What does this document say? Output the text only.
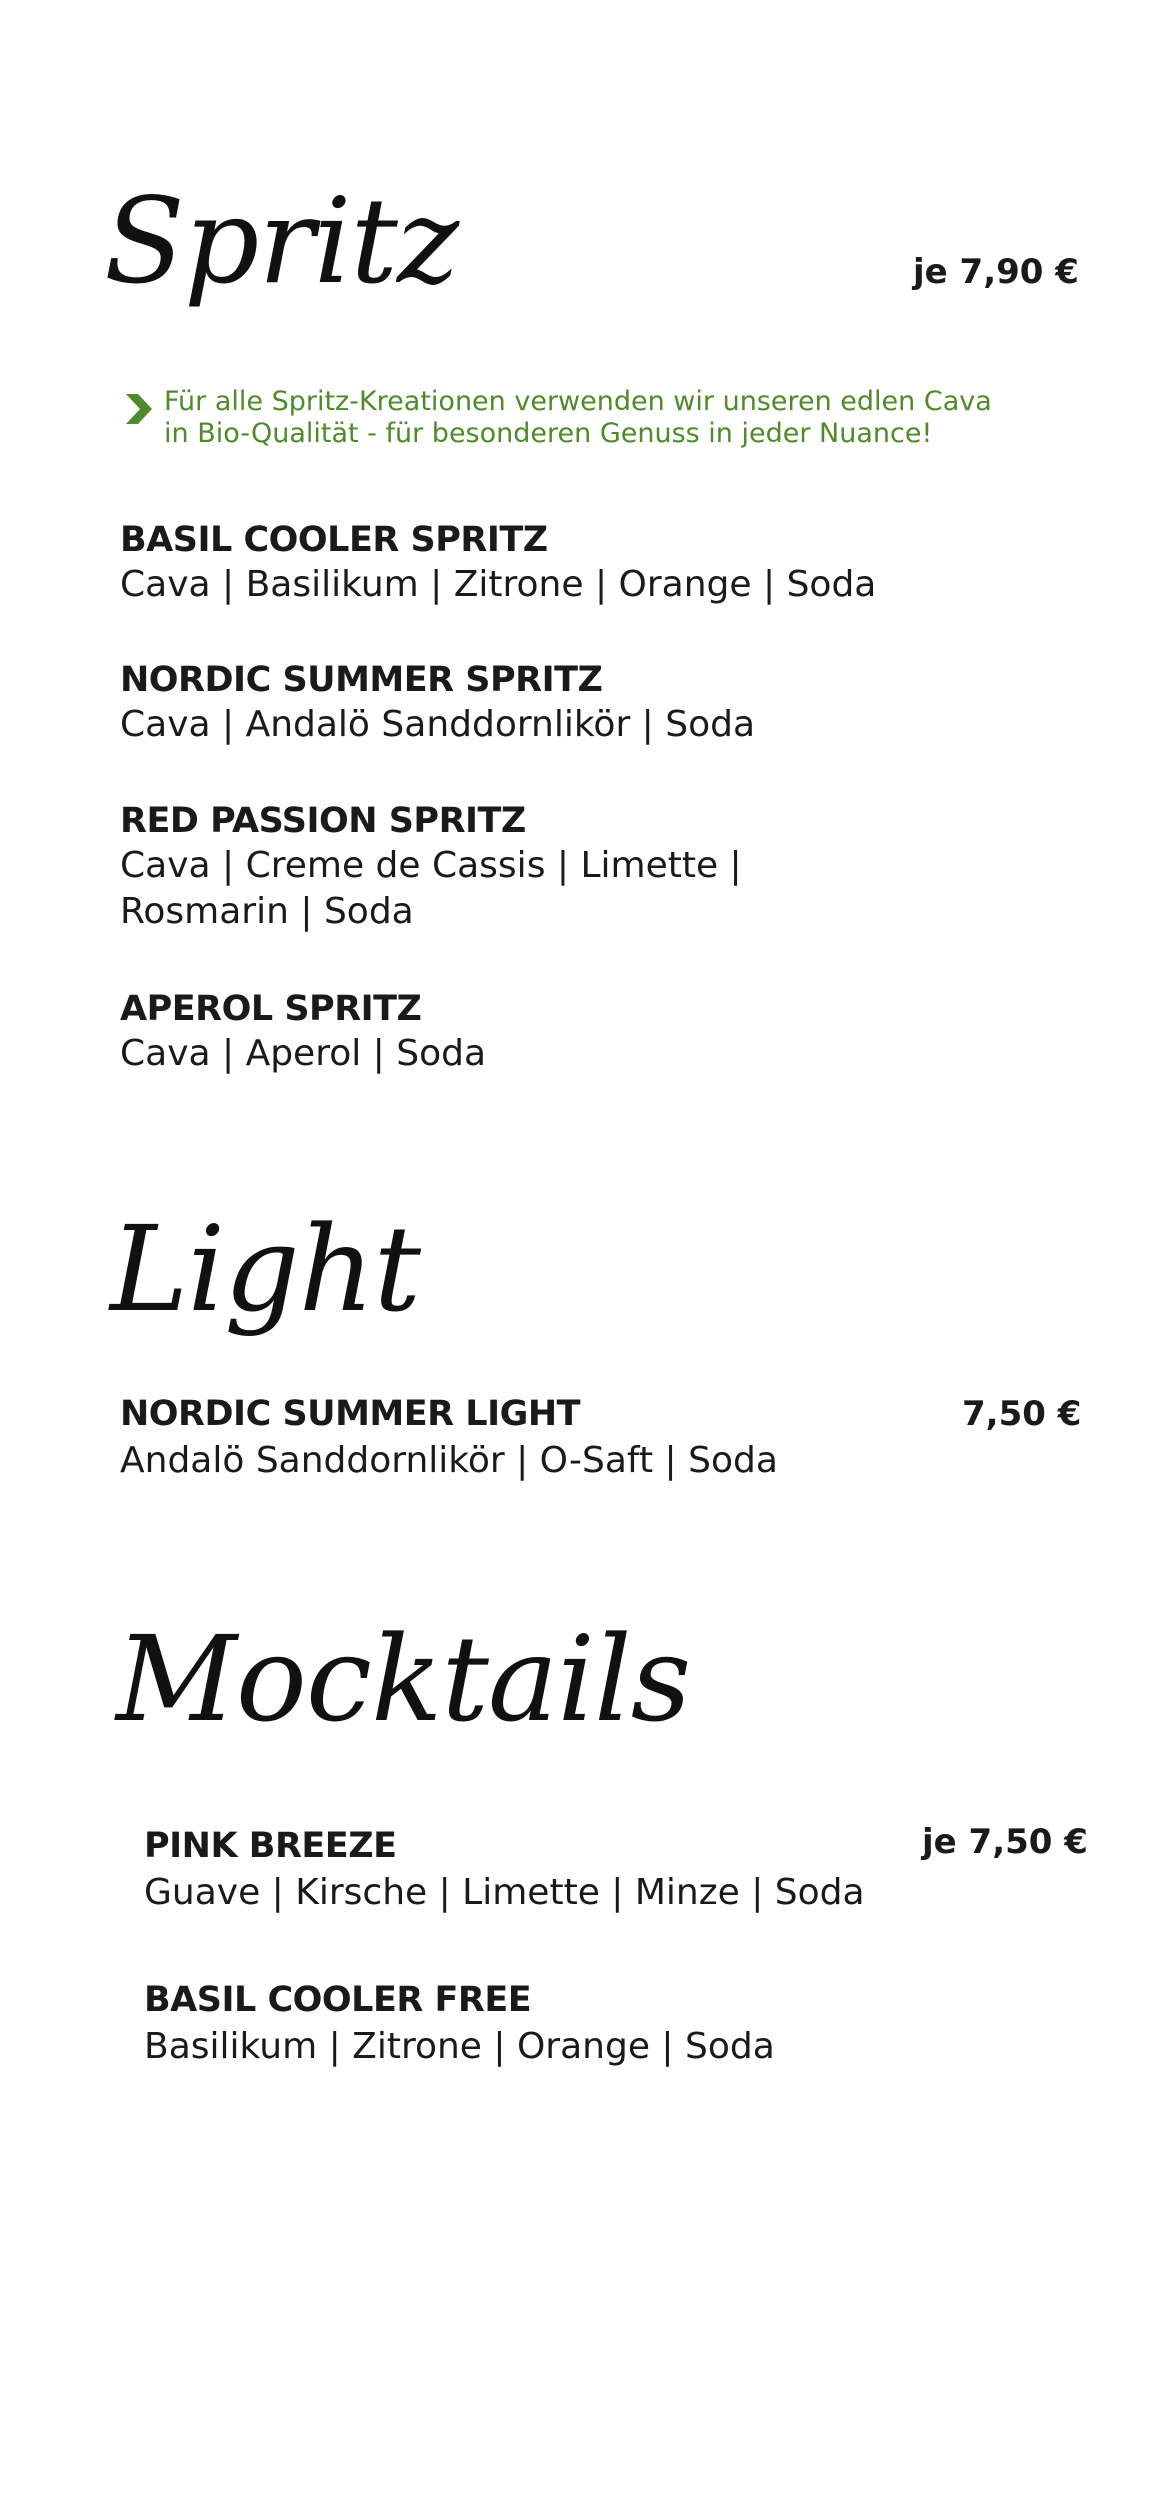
Spritz	je 7,90 €
Für alle Spritz-Kreationen verwenden wir unseren edlen Cava in Bio-Qualität - für besonderen Genuss in jeder Nuance!
BASIL COOLER SPRITZ
Cava | Basilikum | Zitrone | Orange | Soda
NORDIC SUMMER SPRITZ
Cava | Andalö Sanddornlikör | Soda
RED PASSION SPRITZ
Cava | Creme de Cassis | Limette | Rosmarin | Soda
APEROL SPRITZ
Cava | Aperol | Soda
Light
NORDIC SUMMER LIGHT
Andalö Sanddornlikör | O-Saft | Soda
7,50 €
Mocktails
je 7,50 €
PINK BREEZE
Guave | Kirsche | Limette | Minze | Soda
BASIL COOLER FREE
Basilikum | Zitrone | Orange | Soda
